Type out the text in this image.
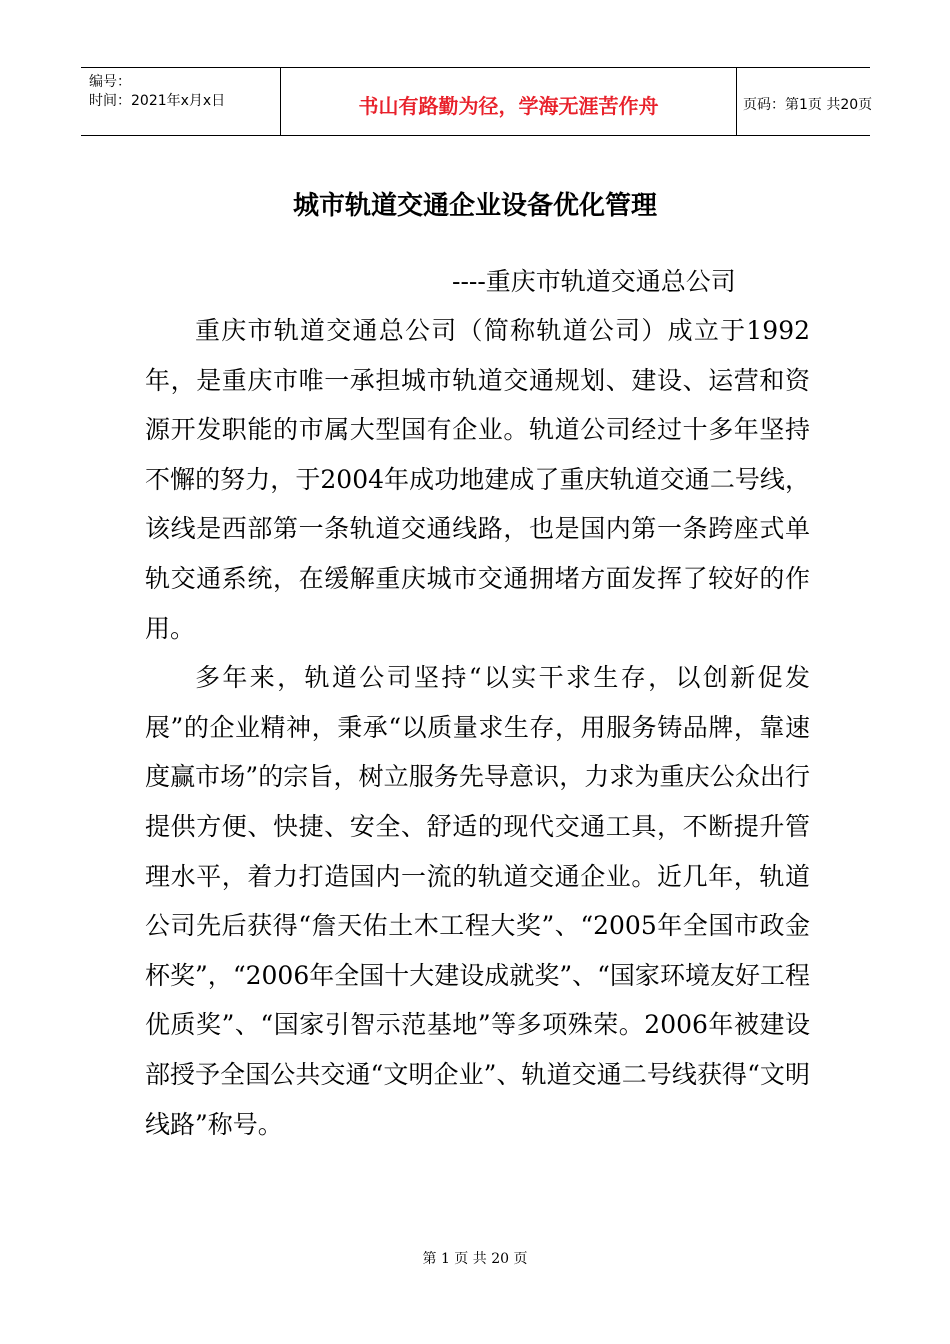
编号：
时间：2021年x月x日	书山有路勤为径，学海无涯苦作舟	页码：第1页 共20页
城市轨道交通企业设备优化管理
----重庆市轨道交通总公司

重庆市轨道交通总公司（简称轨道公司）成立于1992年，是重庆市唯一承担城市轨道交通规划、建设、运营和资源开发职能的市属大型国有企业。轨道公司经过十多年坚持不懈的努力，于2004年成功地建成了重庆轨道交通二号线，该线是西部第一条轨道交通线路，也是国内第一条跨座式单轨交通系统，在缓解重庆城市交通拥堵方面发挥了较好的作用。

多年来，轨道公司坚持“以实干求生存，以创新促发展”的企业精神，秉承“以质量求生存，用服务铸品牌，靠速度赢市场”的宗旨，树立服务先导意识，力求为重庆公众出行提供方便、快捷、安全、舒适的现代交通工具，不断提升管理水平，着力打造国内一流的轨道交通企业。近几年，轨道公司先后获得“詹天佑土木工程大奖”、“2005年全国市政金杯奖”，“2006年全国十大建设成就奖”、“国家环境友好工程优质奖”、“国家引智示范基地”等多项殊荣。2006年被建设部授予全国公共交通“文明企业”、轨道交通二号线获得“文明线路”称号。

第 1 页 共 20 页
